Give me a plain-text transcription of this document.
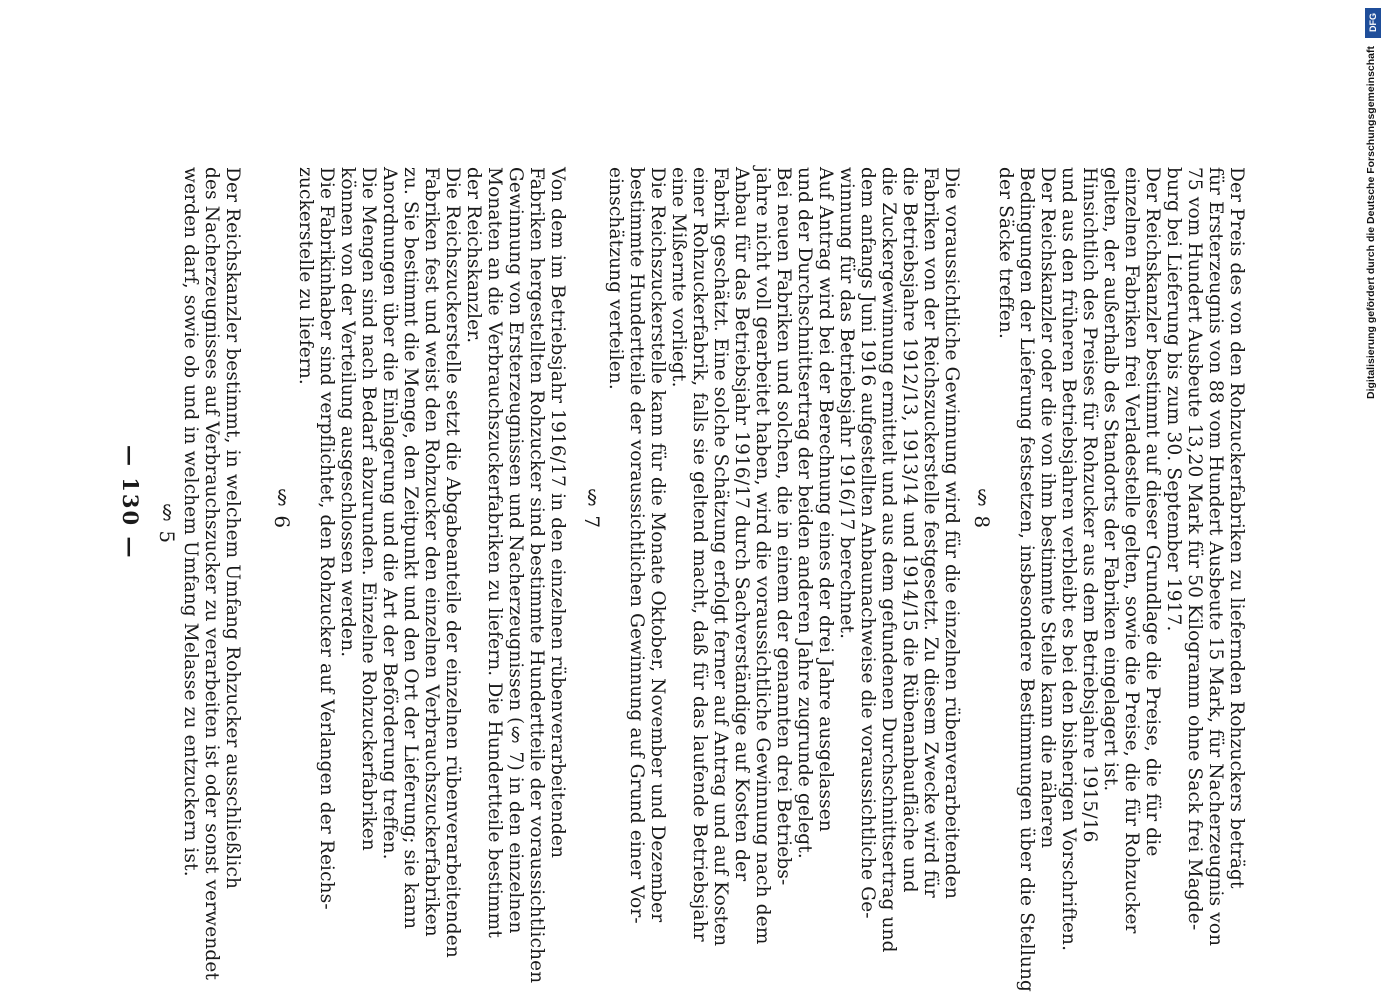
— 130 — § 5 Der Reichskanzler bestimmt, in welchem Umfang Rohzucker ausschließlich
des Nacherzeugnisses auf Verbrauchszucker zu verarbeiten ist oder sonst verwendet
werden darf, sowie ob und in welchem Umfang Melasse zu entzuckern ist.	§ 6	Von dem im Betriebsjahr 1916/17 in den einzelnen rübenverarbeitenden
Fabriken hergestellten Rohzucker sind bestimmte Hundertteile der voraussichtlichen
Gewinnung von Ersterzeugnissen und Nacherzeugnissen (§ 7) in den einzelnen
Monaten an die Verbrauchszuckerfabriken zu liefern. Die Hundertteile bestimmt
der Reichskanzler.
Die Reichszuckerstelle setzt die Abgabeanteile der einzelnen rübenverarbeitenden
Fabriken fest und weist den Rohzucker den einzelnen Verbrauchszuckerfabriken
zu. Sie bestimmt die Menge, den Zeitpunkt und den Ort der Lieferung; sie kann
Anordnungen über die Einlagerung und die Art der Beförderung treffen.
Die Mengen sind nach Bedarf abzurunden. Einzelne Rohzuckerfabriken
können von der Verteilung ausgeschlossen werden.
Die Fabrikinhaber sind verpflichtet, den Rohzucker auf Verlangen der Reichs-
zuckerstelle zu liefern.
§ 7	Die voraussichtliche Gewinnung wird für die einzelnen rübenverarbeitenden
Fabriken von der Reichszuckerstelle festgesetzt. Zu diesem Zwecke wird für
die Betriebsjahre 1912/13, 1913/14 und 1914/15 die Rübenanbaufläche und
die Zuckergewinnung ermittelt und aus dem gefundenen Durchschnittsertrag und
dem anfangs Juni 1916 aufgestellten Anbaunachweise die voraussichtliche Ge-
winnung für das Betriebsjahr 1916/17 berechnet.
Auf Antrag wird bei der Berechnung eines der drei Jahre ausgelassen
und der Durchschnittsertrag der beiden anderen Jahre zugrunde gelegt.
Bei neuen Fabriken und solchen, die in einem der genannten drei Betriebs-
jahre nicht voll gearbeitet haben, wird die voraussichtliche Gewinnung nach dem
Anbau für das Betriebsjahr 1916/17 durch Sachverständige auf Kosten der
Fabrik geschätzt. Eine solche Schätzung erfolgt ferner auf Antrag und auf Kosten
einer Rohzuckerfabrik, falls sie geltend macht, daß für das laufende Betriebsjahr
eine Mißernte vorliegt.
Die Reichszuckerstelle kann für die Monate Oktober, November und Dezember
bestimmte Hundertteile der voraussichtlichen Gewinnung auf Grund einer Vor-
einschätzung verteilen.
§ 8	Der Preis des von den Rohzuckerfabriken zu liefernden Rohzuckers beträgt
für Ersterzeugnis von 88 vom Hundert Ausbeute 15 Mark, für Nacherzeugnis von
75 vom Hundert Ausbeute 13,20 Mark für 50 Kilogramm ohne Sack frei Magde-
burg bei Lieferung bis zum 30. September 1917.
Der Reichskanzler bestimmt auf dieser Grundlage die Preise, die für die
einzelnen Fabriken frei Verladestelle gelten, sowie die Preise, die für Rohzucker
gelten, der außerhalb des Standorts der Fabriken eingelagert ist.
Hinsichtlich des Preises für Rohzucker aus dem Betriebsjahre 1915/16
und aus den früheren Betriebsjahren verbleibt es bei den bisherigen Vorschriften.
Der Reichskanzler oder die von ihm bestimmte Stelle kann die näheren
Bedingungen der Lieferung festsetzen, insbesondere Bestimmungen über die Stellung
der Säcke treffen.
DFG
Digitalisierung gefördert durch die Deutsche Forschungsgemeinschaft
